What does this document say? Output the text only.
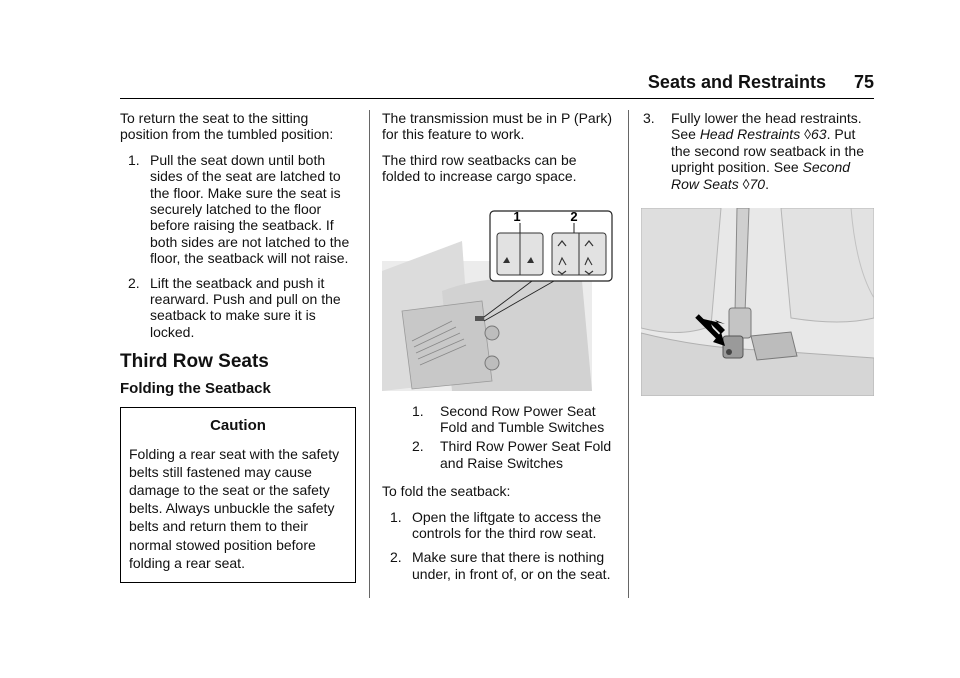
Seats and Restraints 75

To return the seat to the sitting position from the tumbled position:

1. Pull the seat down until both sides of the seat are latched to the floor. Make sure the seat is securely latched to the floor before raising the seatback. If both sides are not latched to the floor, the seatback will not raise.
2. Lift the seatback and push it rearward. Push and pull on the seatback to make sure it is locked.
Third Row Seats
Folding the Seatback
Caution
Folding a rear seat with the safety belts still fastened may cause damage to the seat or the safety belts. Always unbuckle the safety belts and return them to their normal stowed position before folding a rear seat.

The transmission must be in P (Park) for this feature to work.

The third row seatbacks can be folded to increase cargo space.

1	2
1. Second Row Power Seat Fold and Tumble Switches
2. Third Row Power Seat Fold and Raise Switches

To fold the seatback:

1. Open the liftgate to access the controls for the third row seat.
2. Make sure that there is nothing under, in front of, or on the seat.
3. Fully lower the head restraints. See Head Restraints ◊63. Put the second row seatback in the upright position. See Second Row Seats ◊70.
